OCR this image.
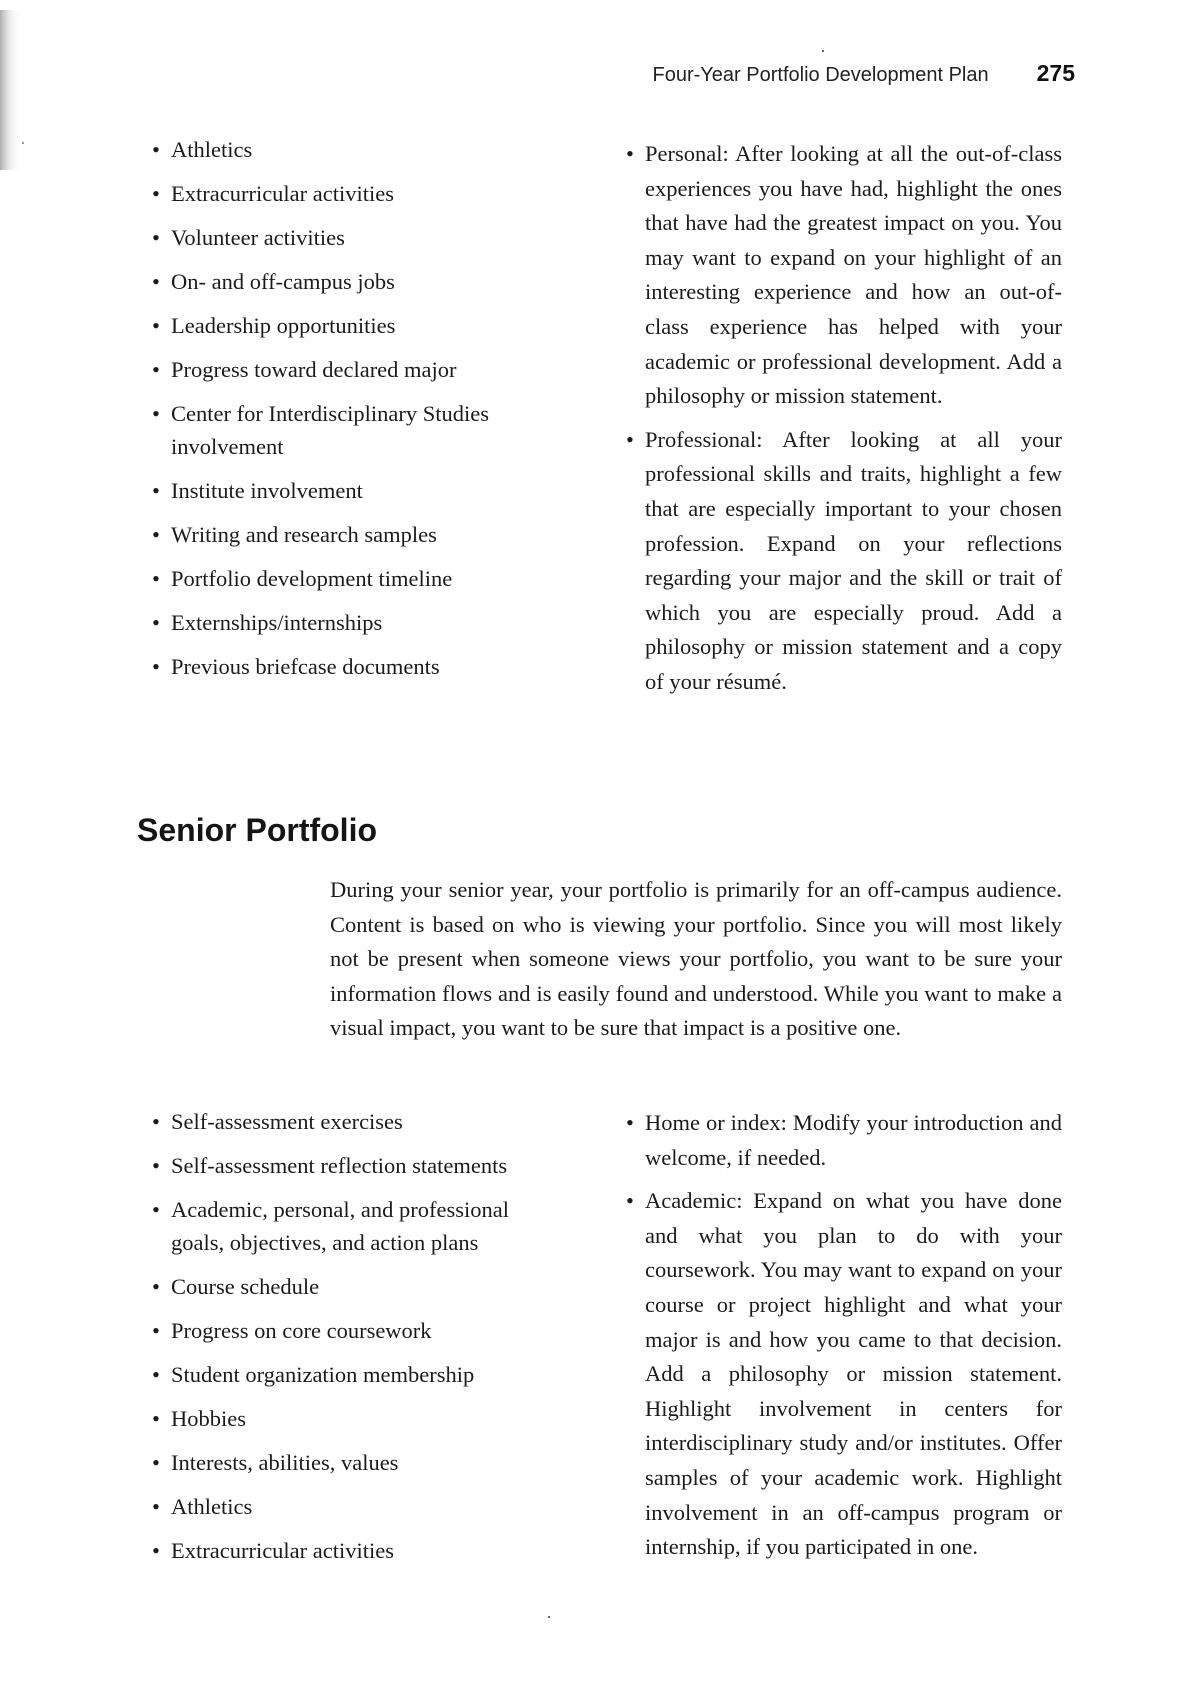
Four-Year Portfolio Development Plan 275
• Athletics
• Extracurricular activities
• Volunteer activities
• On- and off-campus jobs
• Leadership opportunities
• Progress toward declared major
• Center for Interdisciplinary Studies involvement
• Institute involvement
• Writing and research samples
• Portfolio development timeline
• Externships/internships
• Previous briefcase documents
• Personal: After looking at all the out-of-class experiences you have had, highlight the ones that have had the greatest impact on you. You may want to expand on your highlight of an interesting experience and how an out-of-class experience has helped with your academic or professional development. Add a philosophy or mission statement.
• Professional: After looking at all your professional skills and traits, highlight a few that are especially important to your chosen profession. Expand on your reflections regarding your major and the skill or trait of which you are especially proud. Add a philosophy or mission statement and a copy of your résumé.
Senior Portfolio

During your senior year, your portfolio is primarily for an off-campus audience. Content is based on who is viewing your portfolio. Since you will most likely not be present when someone views your portfolio, you want to be sure your information flows and is easily found and understood. While you want to make a visual impact, you want to be sure that impact is a positive one.

• Self-assessment exercises
• Self-assessment reflection statements
• Academic, personal, and professional goals, objectives, and action plans
• Course schedule
• Progress on core coursework
• Student organization membership
• Hobbies
• Interests, abilities, values
• Athletics
• Extracurricular activities
• Home or index: Modify your introduction and welcome, if needed.
• Academic: Expand on what you have done and what you plan to do with your coursework. You may want to expand on your course or project highlight and what your major is and how you came to that decision. Add a philosophy or mission statement. Highlight involvement in centers for interdisciplinary study and/or institutes. Offer samples of your academic work. Highlight involvement in an off-campus program or internship, if you participated in one.
